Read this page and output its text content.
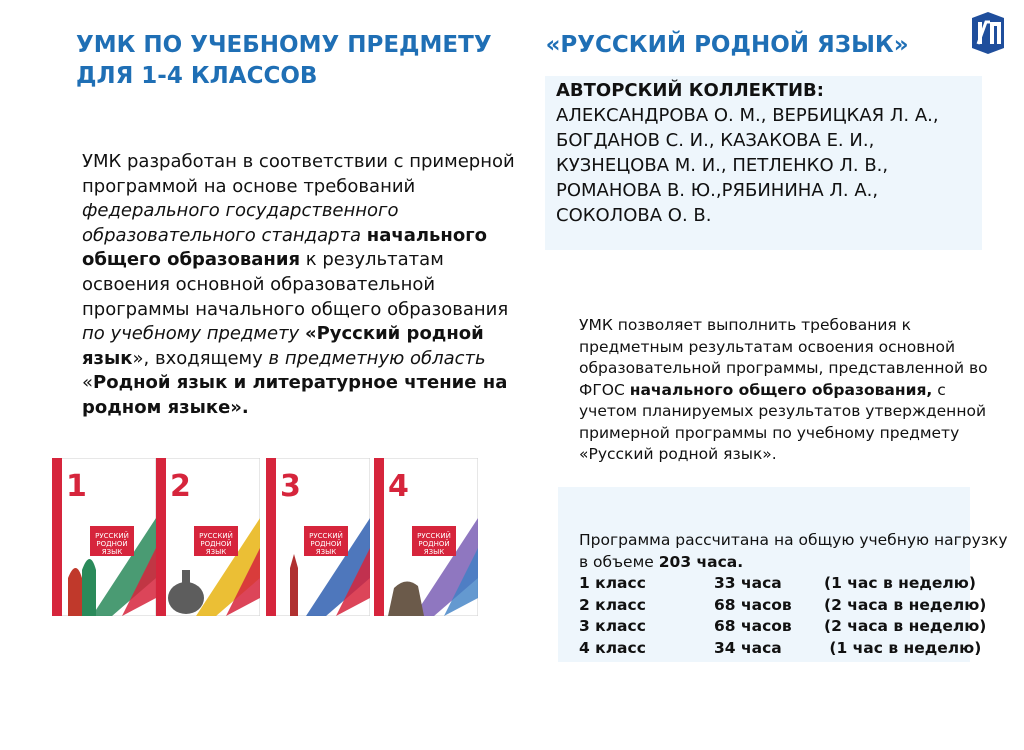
УМК ПО УЧЕБНОМУ ПРЕДМЕТУ «РУССКИЙ РОДНОЙ ЯЗЫК»
ДЛЯ 1-4 КЛАССОВ
АВТОРСКИЙ КОЛЛЕКТИВ:
АЛЕКСАНДРОВА О. М., ВЕРБИЦКАЯ Л. А.,
БОГДАНОВ С. И., КАЗАКОВА Е. И.,
КУЗНЕЦОВА М. И., ПЕТЛЕНКО Л. В.,
РОМАНОВА В. Ю.,РЯБИНИНА Л. А.,
СОКОЛОВА О. В.
УМК разработан в соответствии с примерной программой на основе требований федерального государственного образовательного стандарта начального общего образования к результатам освоения основной образовательной программы начального общего образования по учебному предмету «Русский родной язык», входящему в предметную область «Родной язык и литературное чтение на родном языке».
УМК позволяет выполнить требования к предметным результатам освоения основной образовательной программы, представленной во ФГОС начального общего образования, с учетом планируемых результатов утвержденной примерной программы по учебному предмету «Русский родной язык».
Программа рассчитана на общую учебную нагрузку в объеме 203 часа.
1 класс	33 часа	(1 час в неделю)
2 класс	68 часов (2 часа в неделю)
3 класс	68 часов (2 часа в неделю)
4 класс	34 часа	(1 час в неделю)
1
РУССКИЙ
РОДНОЙ
ЯЗЫК
2
РУССКИЙ
РОДНОЙ
ЯЗЫК
3
РУССКИЙ
РОДНОЙ
ЯЗЫК
4
РУССКИЙ
РОДНОЙ
ЯЗЫК
